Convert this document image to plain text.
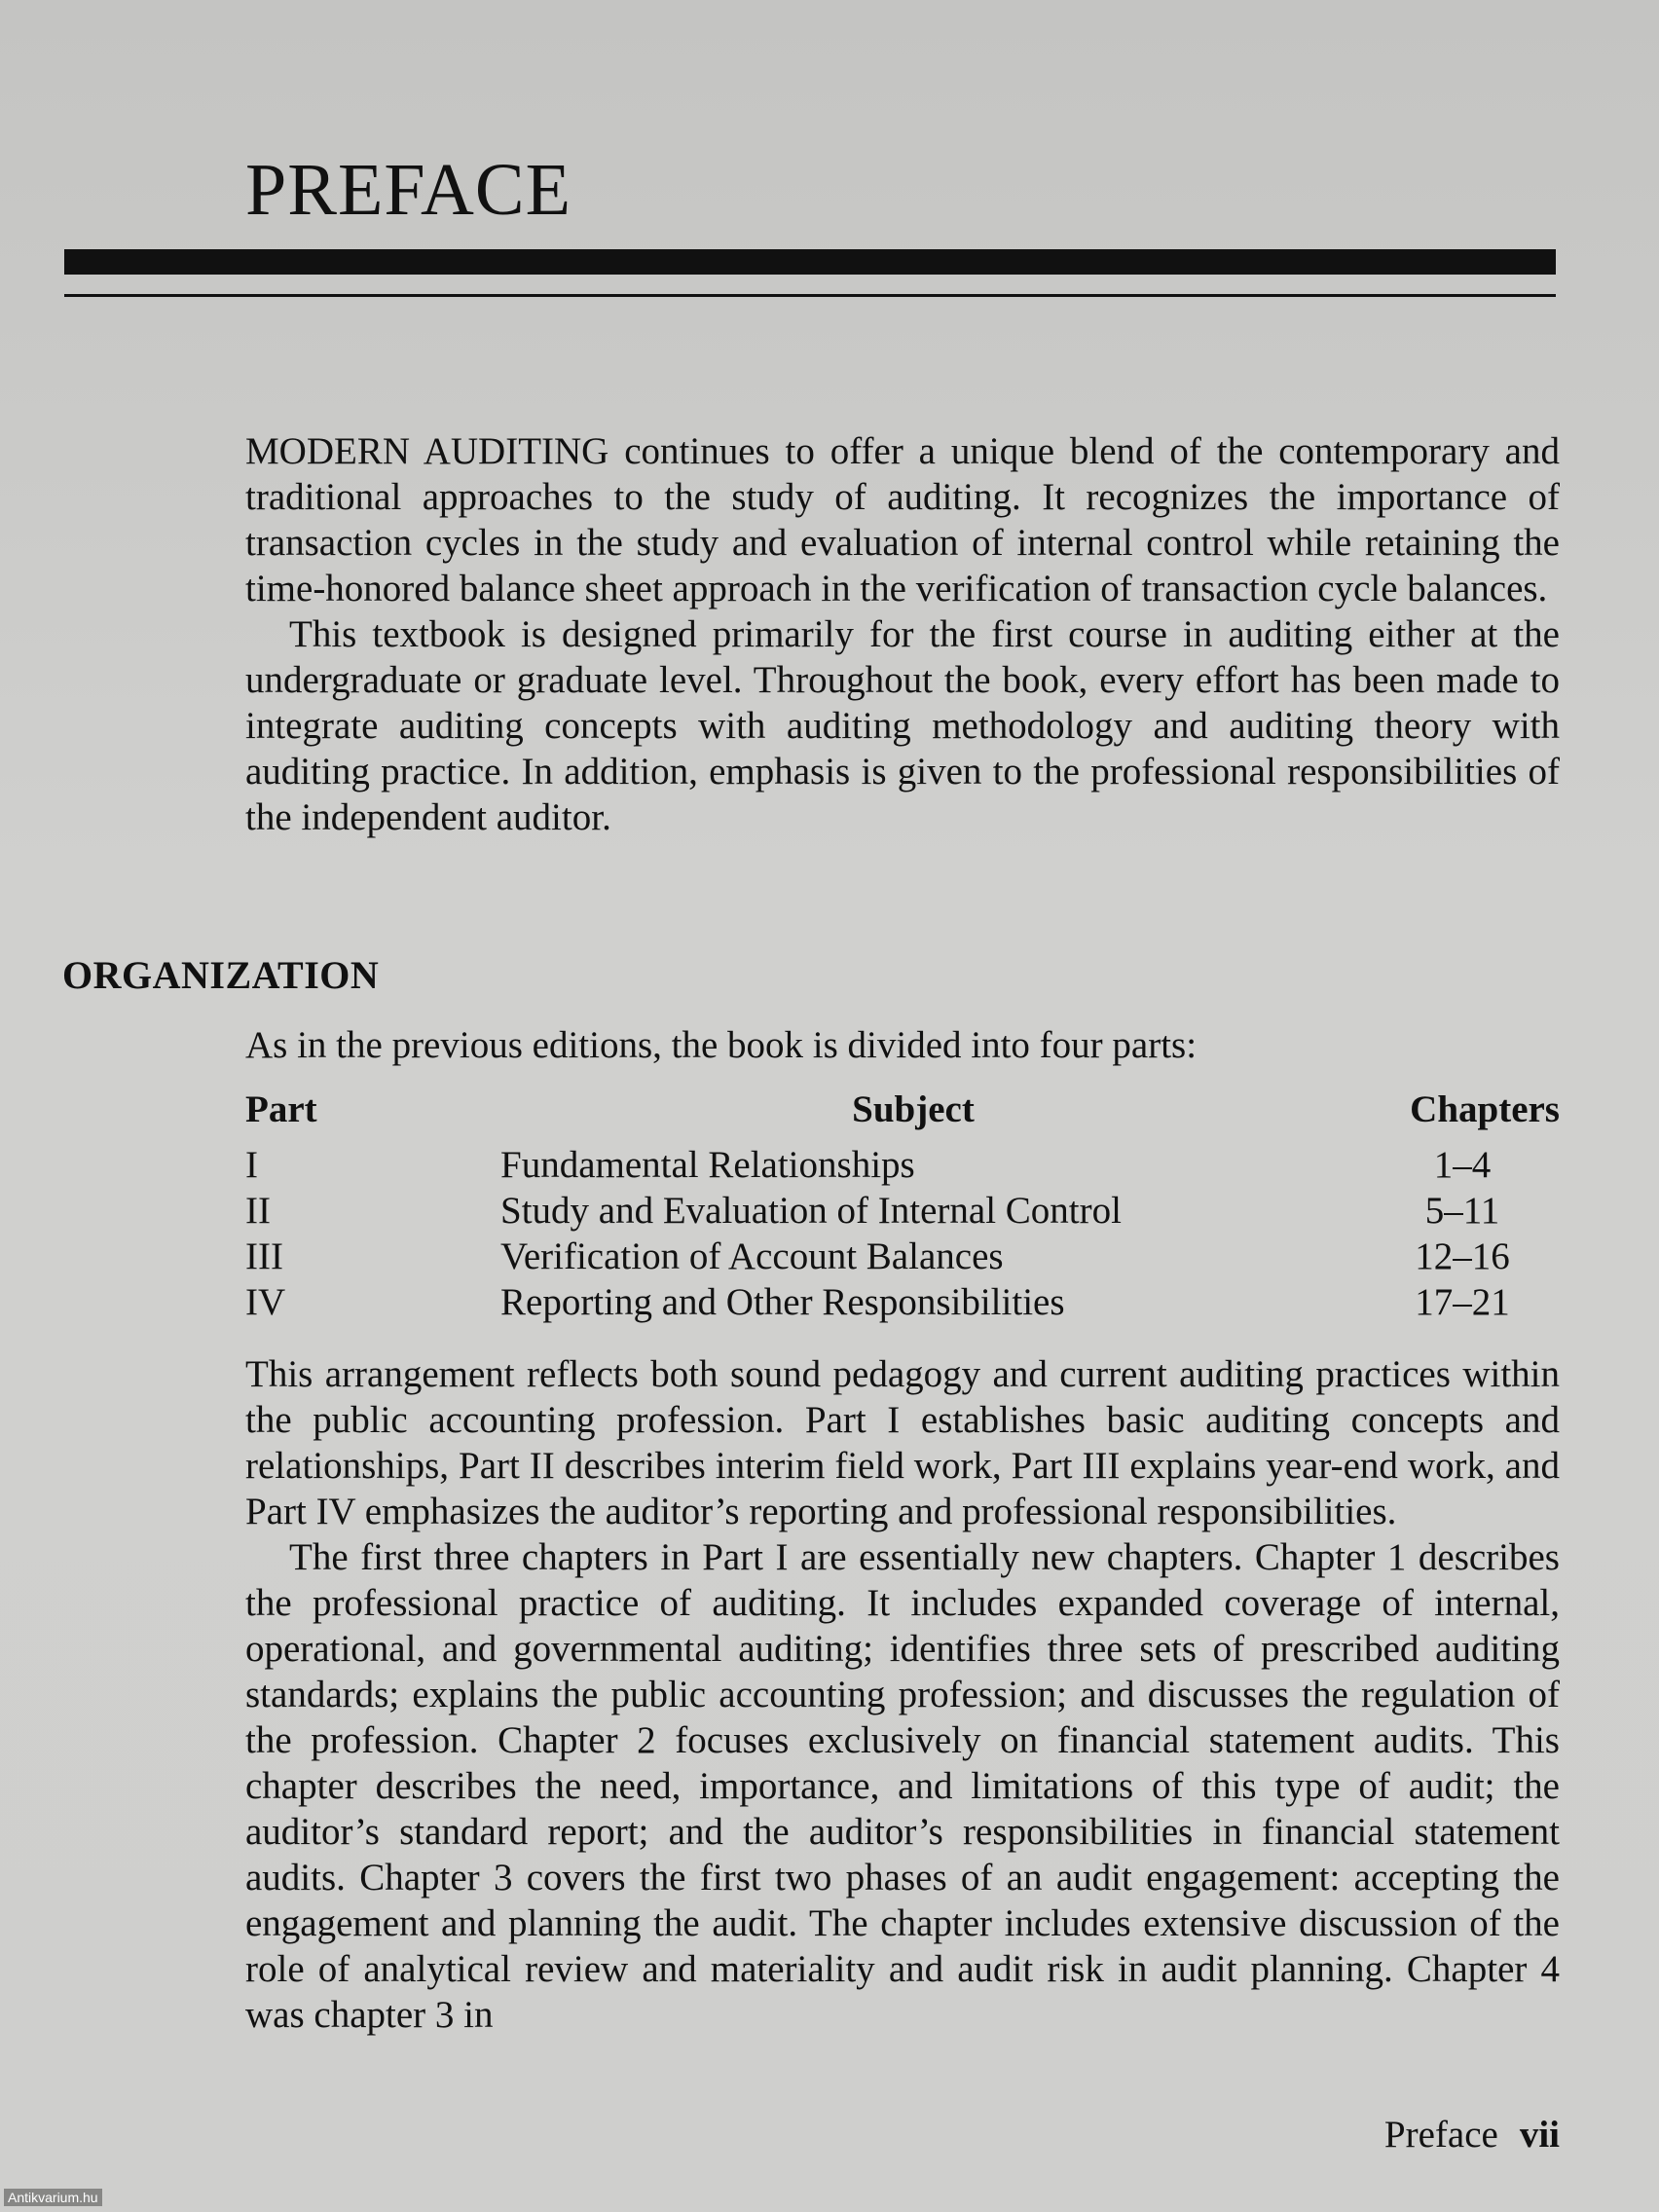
PREFACE

MODERN AUDITING continues to offer a unique blend of the contemporary and traditional approaches to the study of auditing. It recognizes the importance of transaction cycles in the study and evaluation of internal control while retaining the time-honored balance sheet approach in the verification of transaction cycle balances.

This textbook is designed primarily for the first course in auditing either at the undergraduate or graduate level. Throughout the book, every effort has been made to integrate auditing concepts with auditing methodology and auditing theory with auditing practice. In addition, emphasis is given to the professional responsibilities of the independent auditor.

ORGANIZATION
As in the previous editions, the book is divided into four parts:
Part	Subject	Chapters
I	Fundamental Relationships	1–4
II	Study and Evaluation of Internal Control	5–11
III	Verification of Account Balances	12–16
IV	Reporting and Other Responsibilities	17–21

This arrangement reflects both sound pedagogy and current auditing practices within the public accounting profession. Part I establishes basic auditing concepts and relationships, Part II describes interim field work, Part III explains year-end work, and Part IV emphasizes the auditor’s reporting and professional responsibilities.

The first three chapters in Part I are essentially new chapters. Chapter 1 describes the professional practice of auditing. It includes expanded coverage of internal, operational, and governmental auditing; identifies three sets of prescribed auditing standards; explains the public accounting profession; and discusses the regulation of the profession. Chapter 2 focuses exclusively on financial statement audits. This chapter describes the need, importance, and limitations of this type of audit; the auditor’s standard report; and the auditor’s responsibilities in financial statement audits. Chapter 3 covers the first two phases of an audit engagement: accepting the engagement and planning the audit. The chapter includes extensive discussion of the role of analytical review and materiality and audit risk in audit planning. Chapter 4 was chapter 3 in

Preface vii
Antikvarium.hu
